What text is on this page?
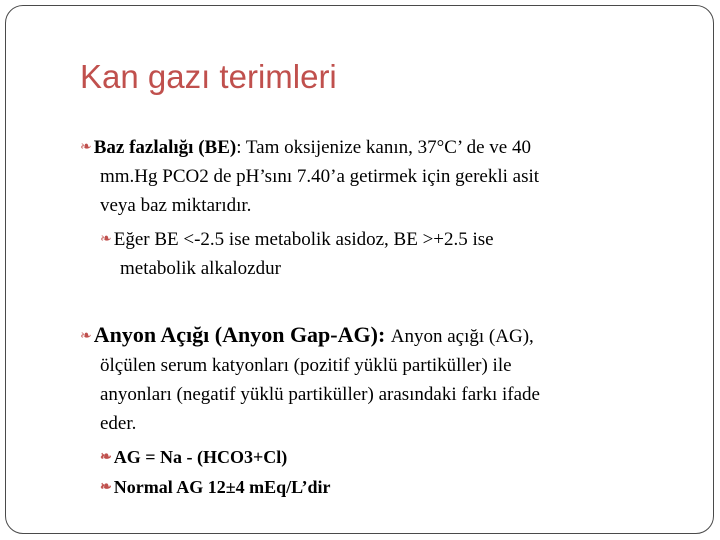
Kan gazı terimleri
❧ Baz fazlalığı (BE): Tam oksijenize kanın, 37°C’ de ve 40
mm.Hg PCO2 de pH’sını 7.40’a getirmek için gerekli asit
veya baz miktarıdır.
❧ Eğer BE <-2.5 ise metabolik asidoz, BE >+2.5 ise
metabolik alkalozdur
❧Anyon Açığı (Anyon Gap-AG): Anyon açığı (AG),
ölçülen serum katyonları (pozitif yüklü partiküller) ile
anyonları (negatif yüklü partiküller) arasındaki farkı ifade
eder.
❧ AG = Na - (HCO3+Cl)
❧ Normal AG 12±4 mEq/L’dir
